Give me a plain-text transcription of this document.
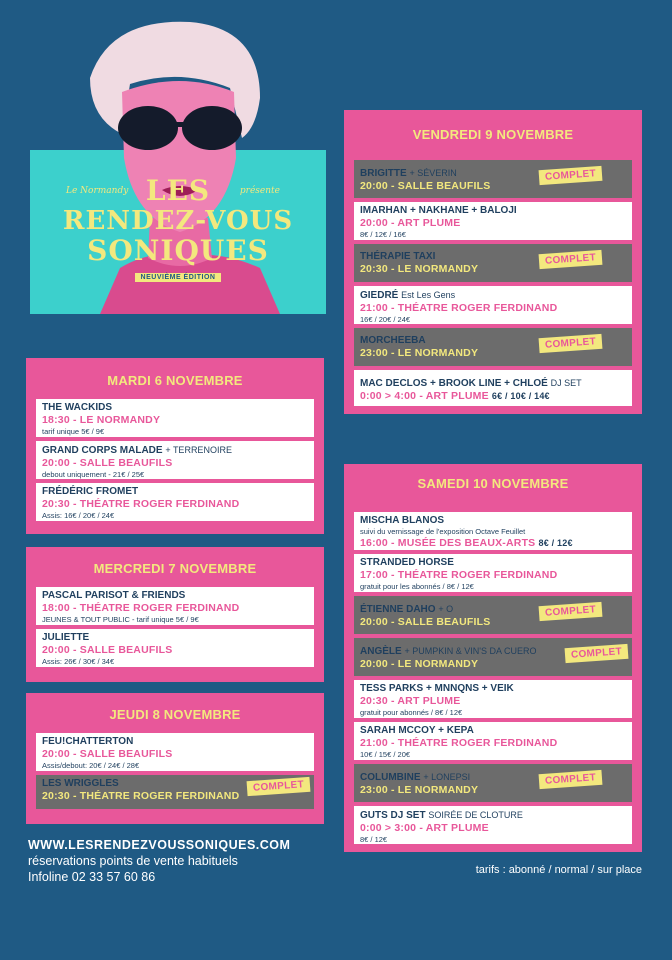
Le Normandy	présente
LES
RENDEZ-VOUS
SONIQUES
NEUVIÈME ÉDITION
MARDI 6 NOVEMBRE
THE WACKIDS
18:30 - LE NORMANDY
tarif unique 5€ / 9€
GRAND CORPS MALADE + TERRENOIRE
20:00 - SALLE BEAUFILS
debout uniquement - 21€ / 25€
FRÉDÉRIC FROMET
20:30 - THÉATRE ROGER FERDINAND
Assis: 16€ / 20€ / 24€
MERCREDI 7 NOVEMBRE
PASCAL PARISOT & FRIENDS
18:00 - THÉATRE ROGER FERDINAND
JEUNES & TOUT PUBLIC - tarif unique 5€ / 9€
JULIETTE
20:00 - SALLE BEAUFILS
Assis: 26€ / 30€ / 34€
JEUDI 8 NOVEMBRE
FEU!CHATTERTON
20:00 - SALLE BEAUFILS
Assis/debout: 20€ / 24€ / 28€
LES WRIGGLES
20:30 - THÉATRE ROGER FERDINAND
COMPLET
VENDREDI 9 NOVEMBRE
BRIGITTE + SÉVERIN
20:00 - SALLE BEAUFILS
COMPLET
IMARHAN + NAKHANE + BALOJI
20:00 - ART PLUME
8€ / 12€ / 16€
THÉRAPIE TAXI
20:30 - LE NORMANDY
COMPLET
GIEDRÉ Est Les Gens
21:00 - THÉATRE ROGER FERDINAND
16€ / 20€ / 24€
MORCHEEBA
23:00 - LE NORMANDY
COMPLET
MAC DECLOS + BROOK LINE + CHLOÉ DJ SET
0:00 > 4:00 - ART PLUME 6€ / 10€ / 14€
SAMEDI 10 NOVEMBRE
MISCHA BLANOS
suivi du vernissage de l'exposition Octave Feuillet
16:00 - MUSÉE DES BEAUX-ARTS 8€ / 12€
STRANDED HORSE
17:00 - THÉATRE ROGER FERDINAND
gratuit pour les abonnés / 8€ / 12€
ÉTIENNE DAHO + O
20:00 - SALLE BEAUFILS
COMPLET
ANGÈLE + PUMPKIN & VIN'S DA CUERO
20:00 - LE NORMANDY
COMPLET
TESS PARKS + MNNQNS + VEIK
20:30 - ART PLUME
gratuit pour abonnés / 8€ / 12€
SARAH MCCOY + KEPA
21:00 - THÉATRE ROGER FERDINAND
10€ / 15€ / 20€
COLUMBINE + LONEPSI
23:00 - LE NORMANDY
COMPLET
GUTS DJ SET SOIRÉE DE CLOTURE
0:00 > 3:00 - ART PLUME
8€ / 12€
WWW.LESRENDEZVOUSSONIQUES.COM
réservations points de vente habituels
Infoline 02 33 57 60 86	tarifs : abonné / normal / sur place
